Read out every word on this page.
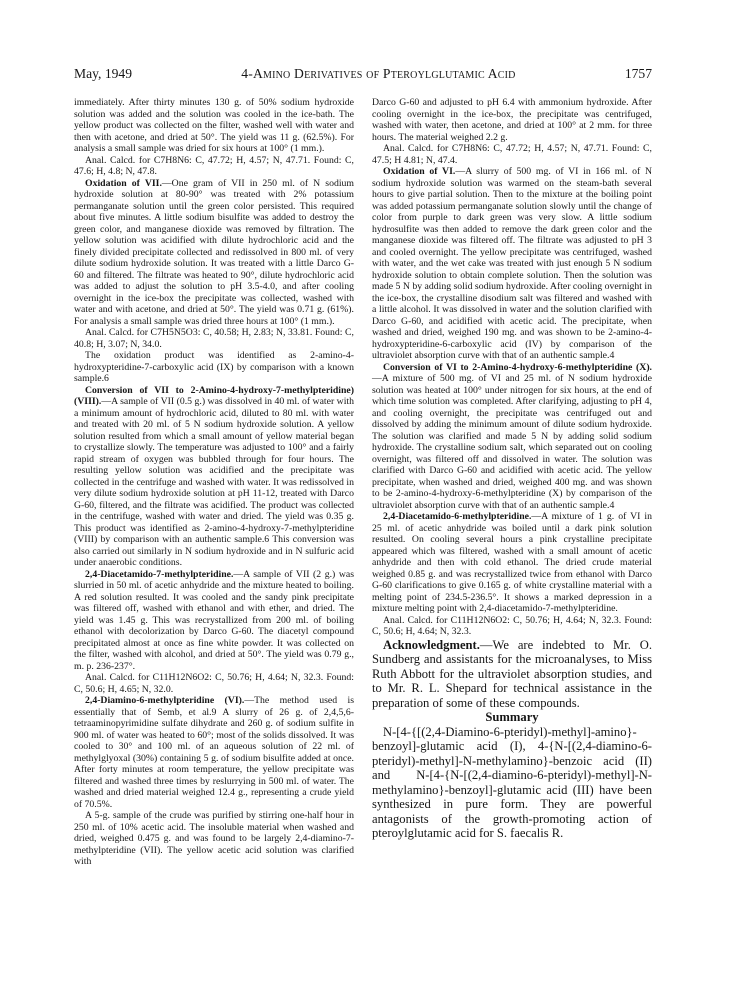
May, 1949	4-Amino Derivatives of Pteroylglutamic Acid	1757

immediately. After thirty minutes 130 g. of 50% sodium hydroxide solution was added and the solution was cooled in the ice-bath. The yellow product was collected on the filter, washed well with water and then with acetone, and dried at 50°. The yield was 11 g. (62.5%). For analysis a small sample was dried for six hours at 100° (1 mm.).

Anal. Calcd. for C7H8N6: C, 47.72; H, 4.57; N, 47.71. Found: C, 47.6; H, 4.8; N, 47.8.

Oxidation of VII.—One gram of VII in 250 ml. of N sodium hydroxide solution at 80-90° was treated with 2% potassium permanganate solution until the green color persisted. This required about five minutes. A little sodium bisulfite was added to destroy the green color, and manganese dioxide was removed by filtration. The yellow solution was acidified with dilute hydrochloric acid and the finely divided precipitate collected and redissolved in 800 ml. of very dilute sodium hydroxide solution. It was treated with a little Darco G-60 and filtered. The filtrate was heated to 90°, dilute hydrochloric acid was added to adjust the solution to pH 3.5-4.0, and after cooling overnight in the ice-box the precipitate was collected, washed with water and with acetone, and dried at 50°. The yield was 0.71 g. (61%). For analysis a small sample was dried three hours at 100° (1 mm.).

Anal. Calcd. for C7H5N5O3: C, 40.58; H, 2.83; N, 33.81. Found: C, 40.8; H, 3.07; N, 34.0.

The oxidation product was identified as 2-amino-4-hydroxypteridine-7-carboxylic acid (IX) by comparison with a known sample.6

Conversion of VII to 2-Amino-4-hydroxy-7-methylpteridine) (VIII).—A sample of VII (0.5 g.) was dissolved in 40 ml. of water with a minimum amount of hydrochloric acid, diluted to 80 ml. with water and treated with 20 ml. of 5 N sodium hydroxide solution. A yellow solution resulted from which a small amount of yellow material began to crystallize slowly. The temperature was adjusted to 100° and a fairly rapid stream of oxygen was bubbled through for four hours. The resulting yellow solution was acidified and the precipitate was collected in the centrifuge and washed with water. It was redissolved in very dilute sodium hydroxide solution at pH 11-12, treated with Darco G-60, filtered, and the filtrate was acidified. The product was collected in the centrifuge, washed with water and dried. The yield was 0.35 g. This product was identified as 2-amino-4-hydroxy-7-methylpteridine (VIII) by comparison with an authentic sample.6 This conversion was also carried out similarly in N sodium hydroxide and in N sulfuric acid under anaerobic conditions.

2,4-Diacetamido-7-methylpteridine.—A sample of VII (2 g.) was slurried in 50 ml. of acetic anhydride and the mixture heated to boiling. A red solution resulted. It was cooled and the sandy pink precipitate was filtered off, washed with ethanol and with ether, and dried. The yield was 1.45 g. This was recrystallized from 200 ml. of boiling ethanol with decolorization by Darco G-60. The diacetyl compound precipitated almost at once as fine white powder. It was collected on the filter, washed with alcohol, and dried at 50°. The yield was 0.79 g., m. p. 236-237°.

Anal. Calcd. for C11H12N6O2: C, 50.76; H, 4.64; N, 32.3. Found: C, 50.6; H, 4.65; N, 32.0.

2,4-Diamino-6-methylpteridine (VI).—The method used is essentially that of Semb, et al.9 A slurry of 26 g. of 2,4,5,6-tetraaminopyrimidine sulfate dihydrate and 260 g. of sodium sulfite in 900 ml. of water was heated to 60°; most of the solids dissolved. It was cooled to 30° and 100 ml. of an aqueous solution of 22 ml. of methylglyoxal (30%) containing 5 g. of sodium bisulfite added at once. After forty minutes at room temperature, the yellow precipitate was filtered and washed three times by reslurrying in 500 ml. of water. The washed and dried material weighed 12.4 g., representing a crude yield of 70.5%.

A 5-g. sample of the crude was purified by stirring one-half hour in 250 ml. of 10% acetic acid. The insoluble material when washed and dried, weighed 0.475 g. and was found to be largely 2,4-diamino-7-methylpteridine (VII). The yellow acetic acid solution was clarified with

Darco G-60 and adjusted to pH 6.4 with ammonium hydroxide. After cooling overnight in the ice-box, the precipitate was centrifuged, washed with water, then acetone, and dried at 100° at 2 mm. for three hours. The material weighed 2.2 g.

Anal. Calcd. for C7H8N6: C, 47.72; H, 4.57; N, 47.71. Found: C, 47.5; H 4.81; N, 47.4.

Oxidation of VI.—A slurry of 500 mg. of VI in 166 ml. of N sodium hydroxide solution was warmed on the steam-bath several hours to give partial solution. Then to the mixture at the boiling point was added potassium permanganate solution slowly until the change of color from purple to dark green was very slow. A little sodium hydrosulfite was then added to remove the dark green color and the manganese dioxide was filtered off. The filtrate was adjusted to pH 3 and cooled overnight. The yellow precipitate was centrifuged, washed with water, and the wet cake was treated with just enough 5 N sodium hydroxide solution to obtain complete solution. Then the solution was made 5 N by adding solid sodium hydroxide. After cooling overnight in the ice-box, the crystalline disodium salt was filtered and washed with a little alcohol. It was dissolved in water and the solution clarified with Darco G-60, and acidified with acetic acid. The precipitate, when washed and dried, weighed 190 mg. and was shown to be 2-amino-4-hydroxypteridine-6-carboxylic acid (IV) by comparison of the ultraviolet absorption curve with that of an authentic sample.4

Conversion of VI to 2-Amino-4-hydroxy-6-methylpteridine (X).—A mixture of 500 mg. of VI and 25 ml. of N sodium hydroxide solution was heated at 100° under nitrogen for six hours, at the end of which time solution was completed. After clarifying, adjusting to pH 4, and cooling overnight, the precipitate was centrifuged out and dissolved by adding the minimum amount of dilute sodium hydroxide. The solution was clarified and made 5 N by adding solid sodium hydroxide. The crystalline sodium salt, which separated out on cooling overnight, was filtered off and dissolved in water. The solution was clarified with Darco G-60 and acidified with acetic acid. The yellow precipitate, when washed and dried, weighed 400 mg. and was shown to be 2-amino-4-hydroxy-6-methylpteridine (X) by comparison of the ultraviolet absorption curve with that of an authentic sample.4

2,4-Diacetamido-6-methylpteridine.—A mixture of 1 g. of VI in 25 ml. of acetic anhydride was boiled until a dark pink solution resulted. On cooling several hours a pink crystalline precipitate appeared which was filtered, washed with a small amount of acetic anhydride and then with cold ethanol. The dried crude material weighed 0.85 g. and was recrystallized twice from ethanol with Darco G-60 clarifications to give 0.165 g. of white crystalline material with a melting point of 234.5-236.5°. It shows a marked depression in a mixture melting point with 2,4-diacetamido-7-methylpteridine.

Anal. Calcd. for C11H12N6O2: C, 50.76; H, 4.64; N, 32.3. Found: C, 50.6; H, 4.64; N, 32.3.

Acknowledgment.—We are indebted to Mr. O. Sundberg and assistants for the microanalyses, to Miss Ruth Abbott for the ultraviolet absorption studies, and to Mr. R. L. Shepard for technical assistance in the preparation of some of these compounds.

Summary

N-[4-{[(2,4-Diamino-6-pteridyl)-methyl]-amino}-benzoyl]-glutamic acid (I), 4-{N-[(2,4-diamino-6-pteridyl)-methyl]-N-methylamino}-benzoic acid (II) and N-[4-{N-[(2,4-diamino-6-pteridyl)-methyl]-N-methylamino}-benzoyl]-glutamic acid (III) have been synthesized in pure form. They are powerful antagonists of the growth-promoting action of pteroylglutamic acid for S. faecalis R.
